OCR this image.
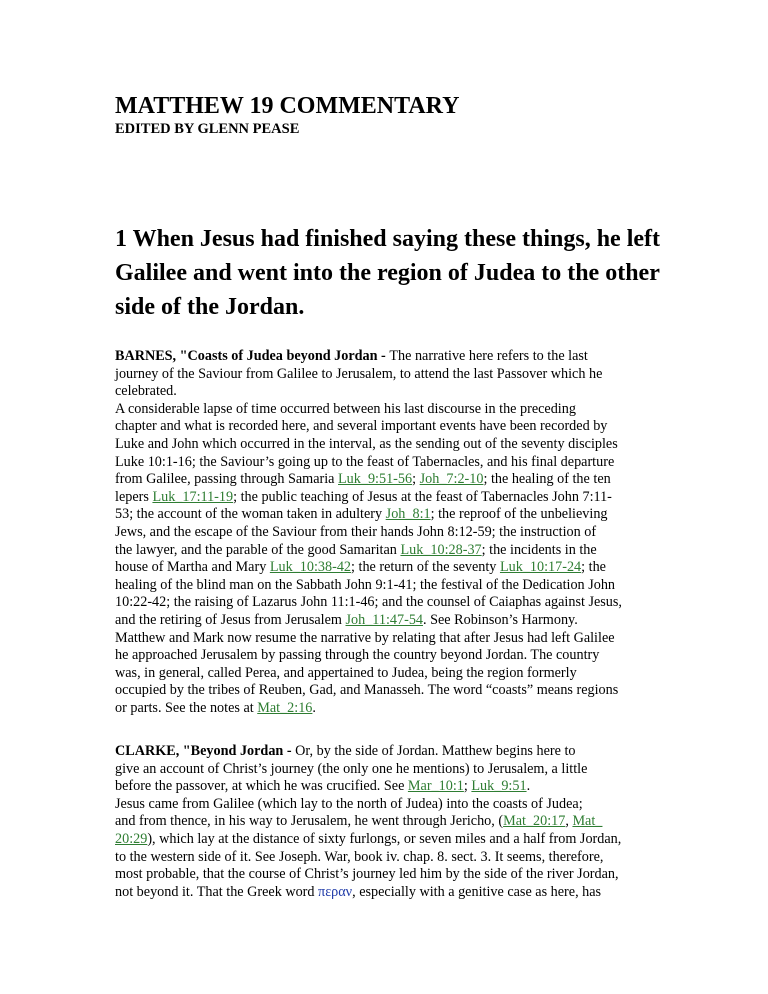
MATTHEW 19 COMMENTARY
EDITED BY GLENN PEASE
1 When Jesus had finished saying these things, he left Galilee and went into the region of Judea to the other side of the Jordan.
BARNES, "Coasts of Judea beyond Jordan - The narrative here refers to the last
journey of the Saviour from Galilee to Jerusalem, to attend the last Passover which he
celebrated.
A considerable lapse of time occurred between his last discourse in the preceding
chapter and what is recorded here, and several important events have been recorded by
Luke and John which occurred in the interval, as the sending out of the seventy disciples
Luke 10:1-16; the Saviour’s going up to the feast of Tabernacles, and his final departure
from Galilee, passing through Samaria Luk_9:51-56; Joh_7:2-10; the healing of the ten
lepers Luk_17:11-19; the public teaching of Jesus at the feast of Tabernacles John 7:11-
53; the account of the woman taken in adultery Joh_8:1; the reproof of the unbelieving
Jews, and the escape of the Saviour from their hands John 8:12-59; the instruction of
the lawyer, and the parable of the good Samaritan Luk_10:28-37; the incidents in the
house of Martha and Mary Luk_10:38-42; the return of the seventy Luk_10:17-24; the
healing of the blind man on the Sabbath John 9:1-41; the festival of the Dedication John
10:22-42; the raising of Lazarus John 11:1-46; and the counsel of Caiaphas against Jesus,
and the retiring of Jesus from Jerusalem Joh_11:47-54. See Robinson’s Harmony.
Matthew and Mark now resume the narrative by relating that after Jesus had left Galilee
he approached Jerusalem by passing through the country beyond Jordan. The country
was, in general, called Perea, and appertained to Judea, being the region formerly
occupied by the tribes of Reuben, Gad, and Manasseh. The word “coasts” means regions
or parts. See the notes at Mat_2:16.
CLARKE, "Beyond Jordan - Or, by the side of Jordan. Matthew begins here to
give an account of Christ’s journey (the only one he mentions) to Jerusalem, a little
before the passover, at which he was crucified. See Mar_10:1; Luk_9:51.
Jesus came from Galilee (which lay to the north of Judea) into the coasts of Judea;
and from thence, in his way to Jerusalem, he went through Jericho, (Mat_20:17, Mat_
20:29), which lay at the distance of sixty furlongs, or seven miles and a half from Jordan,
to the western side of it. See Joseph. War, book iv. chap. 8. sect. 3. It seems, therefore,
most probable, that the course of Christ’s journey led him by the side of the river Jordan,
not beyond it. That the Greek word περαν, especially with a genitive case as here, has
